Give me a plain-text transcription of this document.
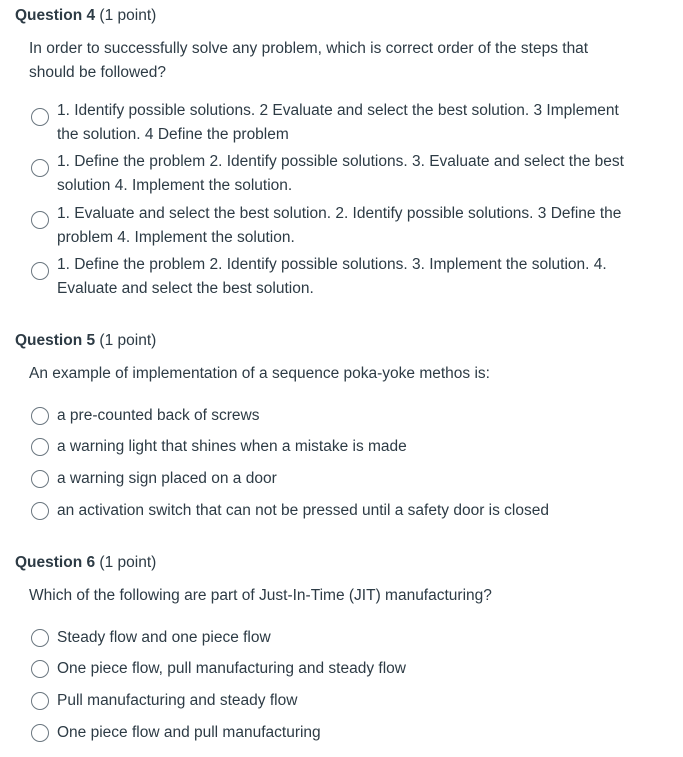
Question 4 (1 point)
In order to successfully solve any problem, which is correct order of the steps that should be followed?
1. Identify possible solutions. 2 Evaluate and select the best solution. 3 Implement the solution. 4 Define the problem
1. Define the problem 2. Identify possible solutions. 3. Evaluate and select the best solution 4. Implement the solution.
1. Evaluate and select the best solution. 2. Identify possible solutions. 3 Define the problem 4. Implement the solution.
1. Define the problem 2. Identify possible solutions. 3. Implement the solution. 4. Evaluate and select the best solution.
Question 5 (1 point)
An example of implementation of a sequence poka-yoke methos is:
a pre-counted back of screws
a warning light that shines when a mistake is made
a warning sign placed on a door
an activation switch that can not be pressed until a safety door is closed
Question 6 (1 point)
Which of the following are part of Just-In-Time (JIT) manufacturing?
Steady flow and one piece flow
One piece flow, pull manufacturing and steady flow
Pull manufacturing and steady flow
One piece flow and pull manufacturing
